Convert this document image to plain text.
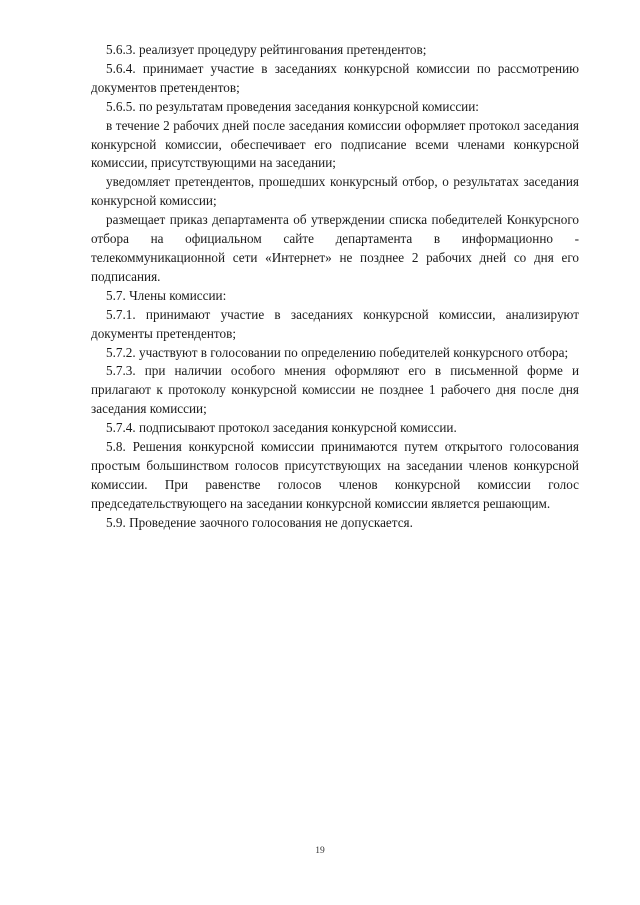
5.6.3. реализует процедуру рейтингования претендентов;

5.6.4. принимает участие в заседаниях конкурсной комиссии по рассмотрению документов претендентов;

5.6.5. по результатам проведения заседания конкурсной комиссии:

в течение 2 рабочих дней после заседания комиссии оформляет протокол заседания конкурсной комиссии, обеспечивает его подписание всеми членами конкурсной комиссии, присутствующими на заседании;

уведомляет претендентов, прошедших конкурсный отбор, о результатах заседания конкурсной комиссии;

размещает приказ департамента об утверждении списка победителей Конкурсного отбора на официальном сайте департамента в информационно - телекоммуникационной сети «Интернет» не позднее 2 рабочих дней со дня его подписания.

5.7. Члены комиссии:

5.7.1. принимают участие в заседаниях конкурсной комиссии, анализируют документы претендентов;

5.7.2. участвуют в голосовании по определению победителей конкурсного отбора;

5.7.3. при наличии особого мнения оформляют его в письменной форме и прилагают к протоколу конкурсной комиссии не позднее 1 рабочего дня после дня заседания комиссии;

5.7.4. подписывают протокол заседания конкурсной комиссии.

5.8. Решения конкурсной комиссии принимаются путем открытого голосования простым большинством голосов присутствующих на заседании членов конкурсной комиссии. При равенстве голосов членов конкурсной комиссии голос председательствующего на заседании конкурсной комиссии является решающим.

5.9. Проведение заочного голосования не допускается.

19
